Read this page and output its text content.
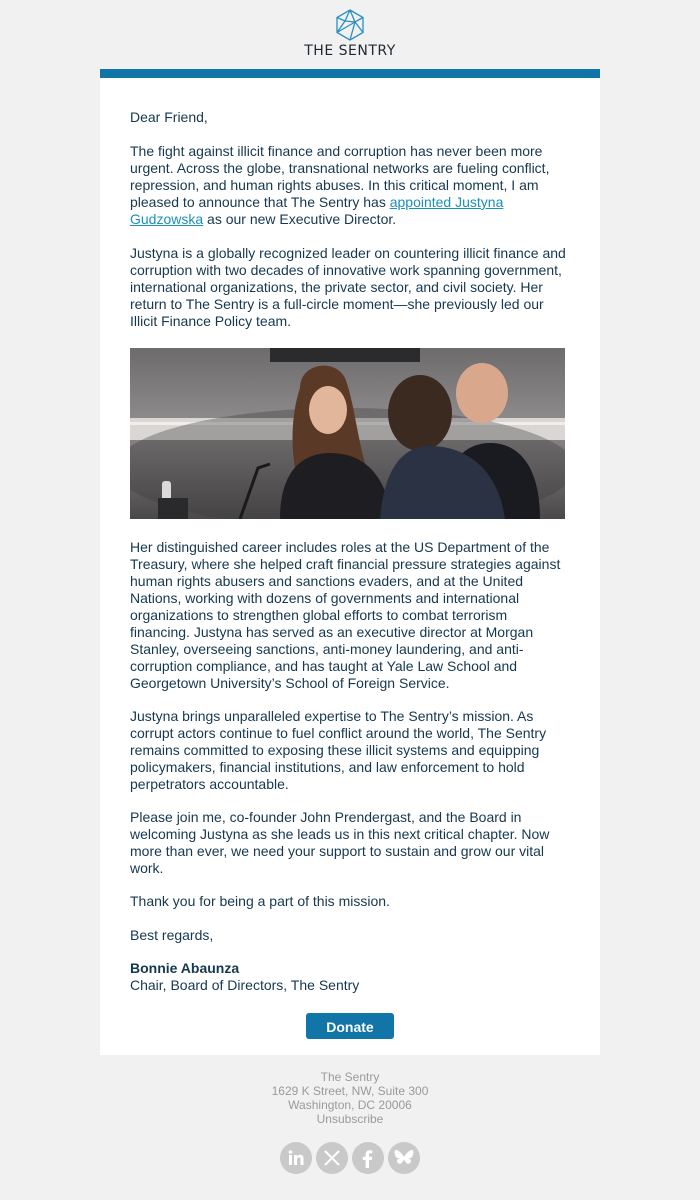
THE SENTRY

Dear Friend,

The fight against illicit finance and corruption has never been more urgent. Across the globe, transnational networks are fueling conflict, repression, and human rights abuses. In this critical moment, I am pleased to announce that The Sentry has appointed Justyna Gudzowska as our new Executive Director.

Justyna is a globally recognized leader on countering illicit finance and corruption with two decades of innovative work spanning government, international organizations, the private sector, and civil society. Her return to The Sentry is a full-circle moment—she previously led our Illicit Finance Policy team.

Her distinguished career includes roles at the US Department of the Treasury, where she helped craft financial pressure strategies against human rights abusers and sanctions evaders, and at the United Nations, working with dozens of governments and international organizations to strengthen global efforts to combat terrorism financing. Justyna has served as an executive director at Morgan Stanley, overseeing sanctions, anti-money laundering, and anti-corruption compliance, and has taught at Yale Law School and Georgetown University’s School of Foreign Service.

Justyna brings unparalleled expertise to The Sentry’s mission. As corrupt actors continue to fuel conflict around the world, The Sentry remains committed to exposing these illicit systems and equipping policymakers, financial institutions, and law enforcement to hold perpetrators accountable.

Please join me, co-founder John Prendergast, and the Board in welcoming Justyna as she leads us in this next critical chapter. Now more than ever, we need your support to sustain and grow our vital work.

Thank you for being a part of this mission.

Best regards,

Bonnie Abaunza

Chair, Board of Directors, The Sentry

Donate
The Sentry
1629 K Street, NW, Suite 300
Washington, DC 20006
Unsubscribe
